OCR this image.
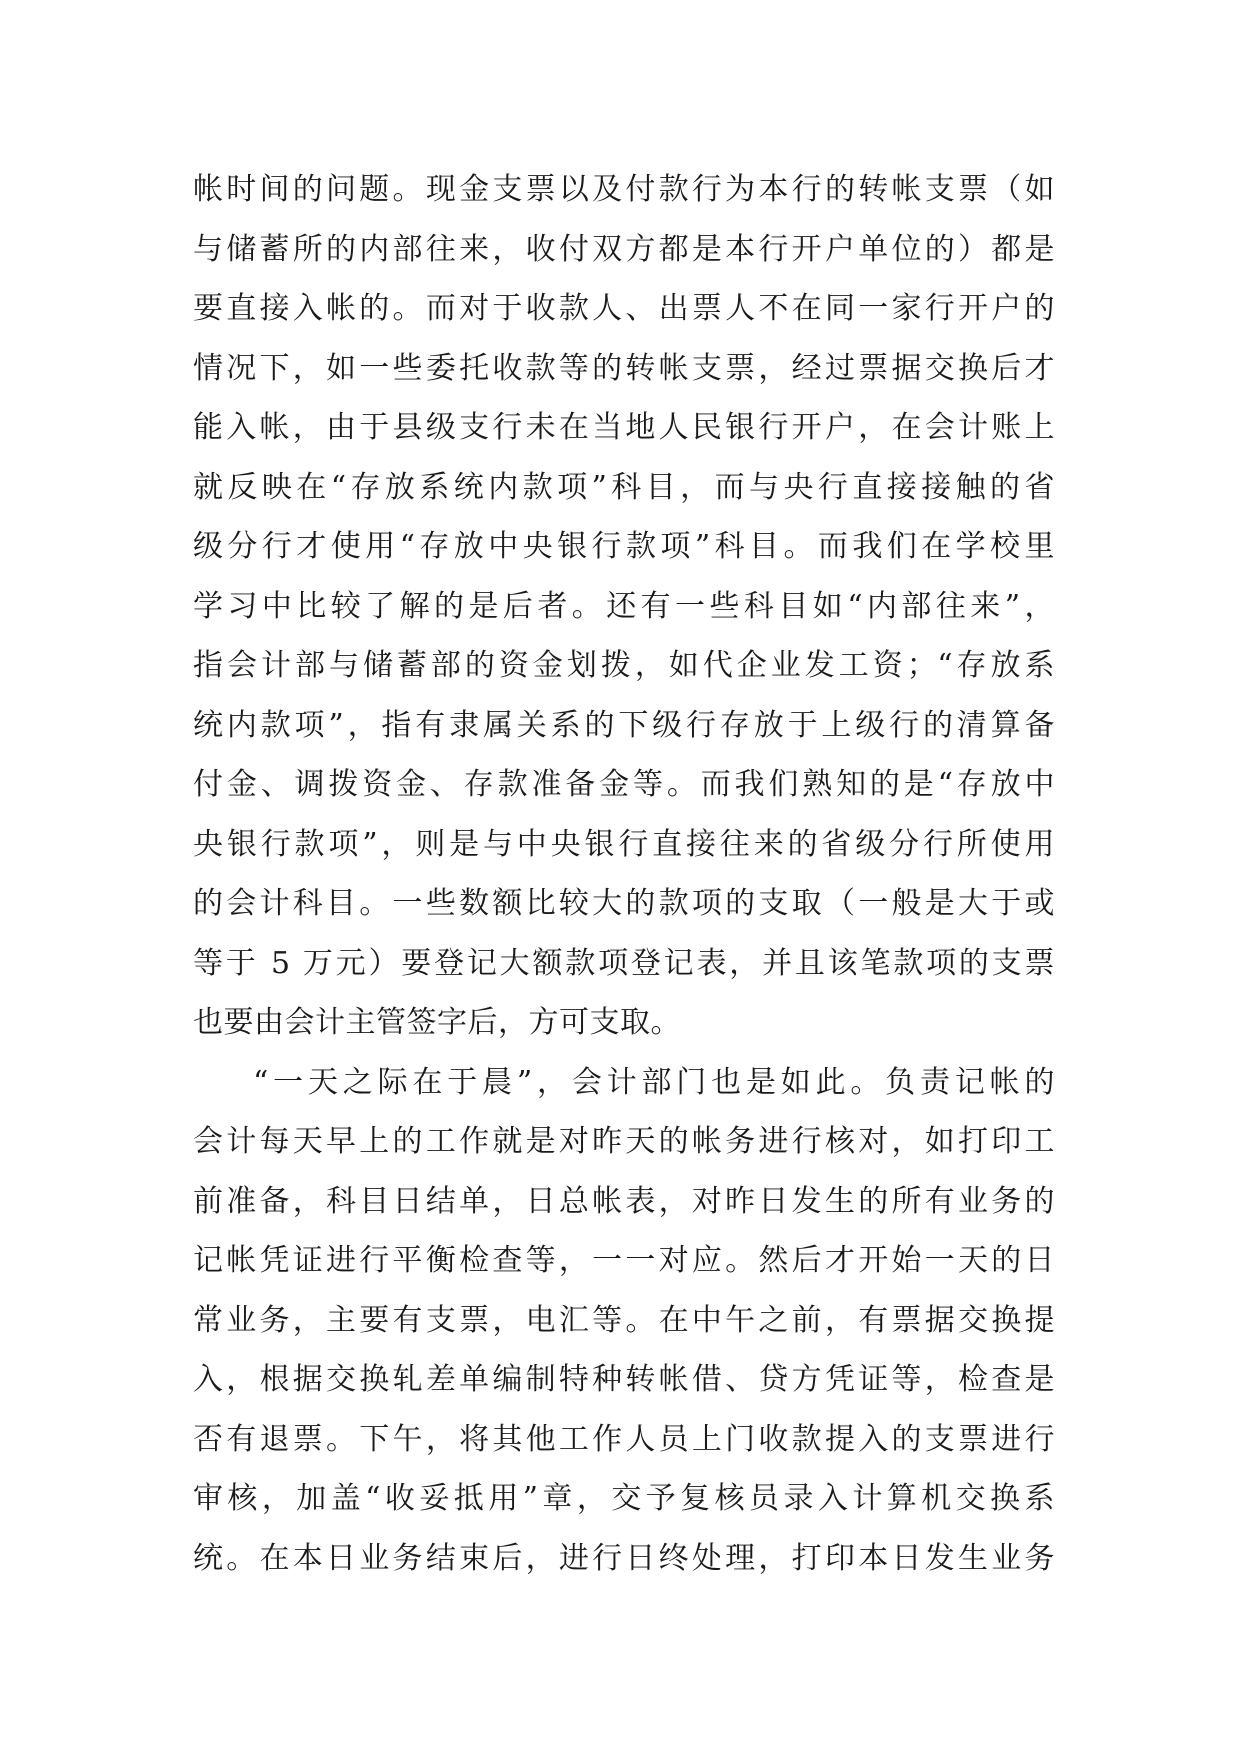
帐时间的问题。现金支票以及付款行为本行的转帐支票（如
与储蓄所的内部往来，收付双方都是本行开户单位的）都是
要直接入帐的。而对于收款人、出票人不在同一家行开户的
情况下，如一些委托收款等的转帐支票，经过票据交换后才
能入帐，由于县级支行未在当地人民银行开户，在会计账上
就反映在“存放系统内款项”科目，而与央行直接接触的省
级分行才使用“存放中央银行款项”科目。而我们在学校里
学习中比较了解的是后者。还有一些科目如“内部往来”，
指会计部与储蓄部的资金划拨，如代企业发工资；“存放系
统内款项”，指有隶属关系的下级行存放于上级行的清算备
付金、调拨资金、存款准备金等。而我们熟知的是“存放中
央银行款项”，则是与中央银行直接往来的省级分行所使用
的会计科目。一些数额比较大的款项的支取（一般是大于或
等于 5 万元）要登记大额款项登记表，并且该笔款项的支票
也要由会计主管签字后，方可支取。
“一天之际在于晨”，会计部门也是如此。负责记帐的
会计每天早上的工作就是对昨天的帐务进行核对，如打印工
前准备，科目日结单，日总帐表，对昨日发生的所有业务的
记帐凭证进行平衡检查等，一一对应。然后才开始一天的日
常业务，主要有支票，电汇等。在中午之前，有票据交换提
入，根据交换轧差单编制特种转帐借、贷方凭证等，检查是
否有退票。下午，将其他工作人员上门收款提入的支票进行
审核，加盖“收妥抵用”章，交予复核员录入计算机交换系
统。在本日业务结束后，进行日终处理，打印本日发生业务
